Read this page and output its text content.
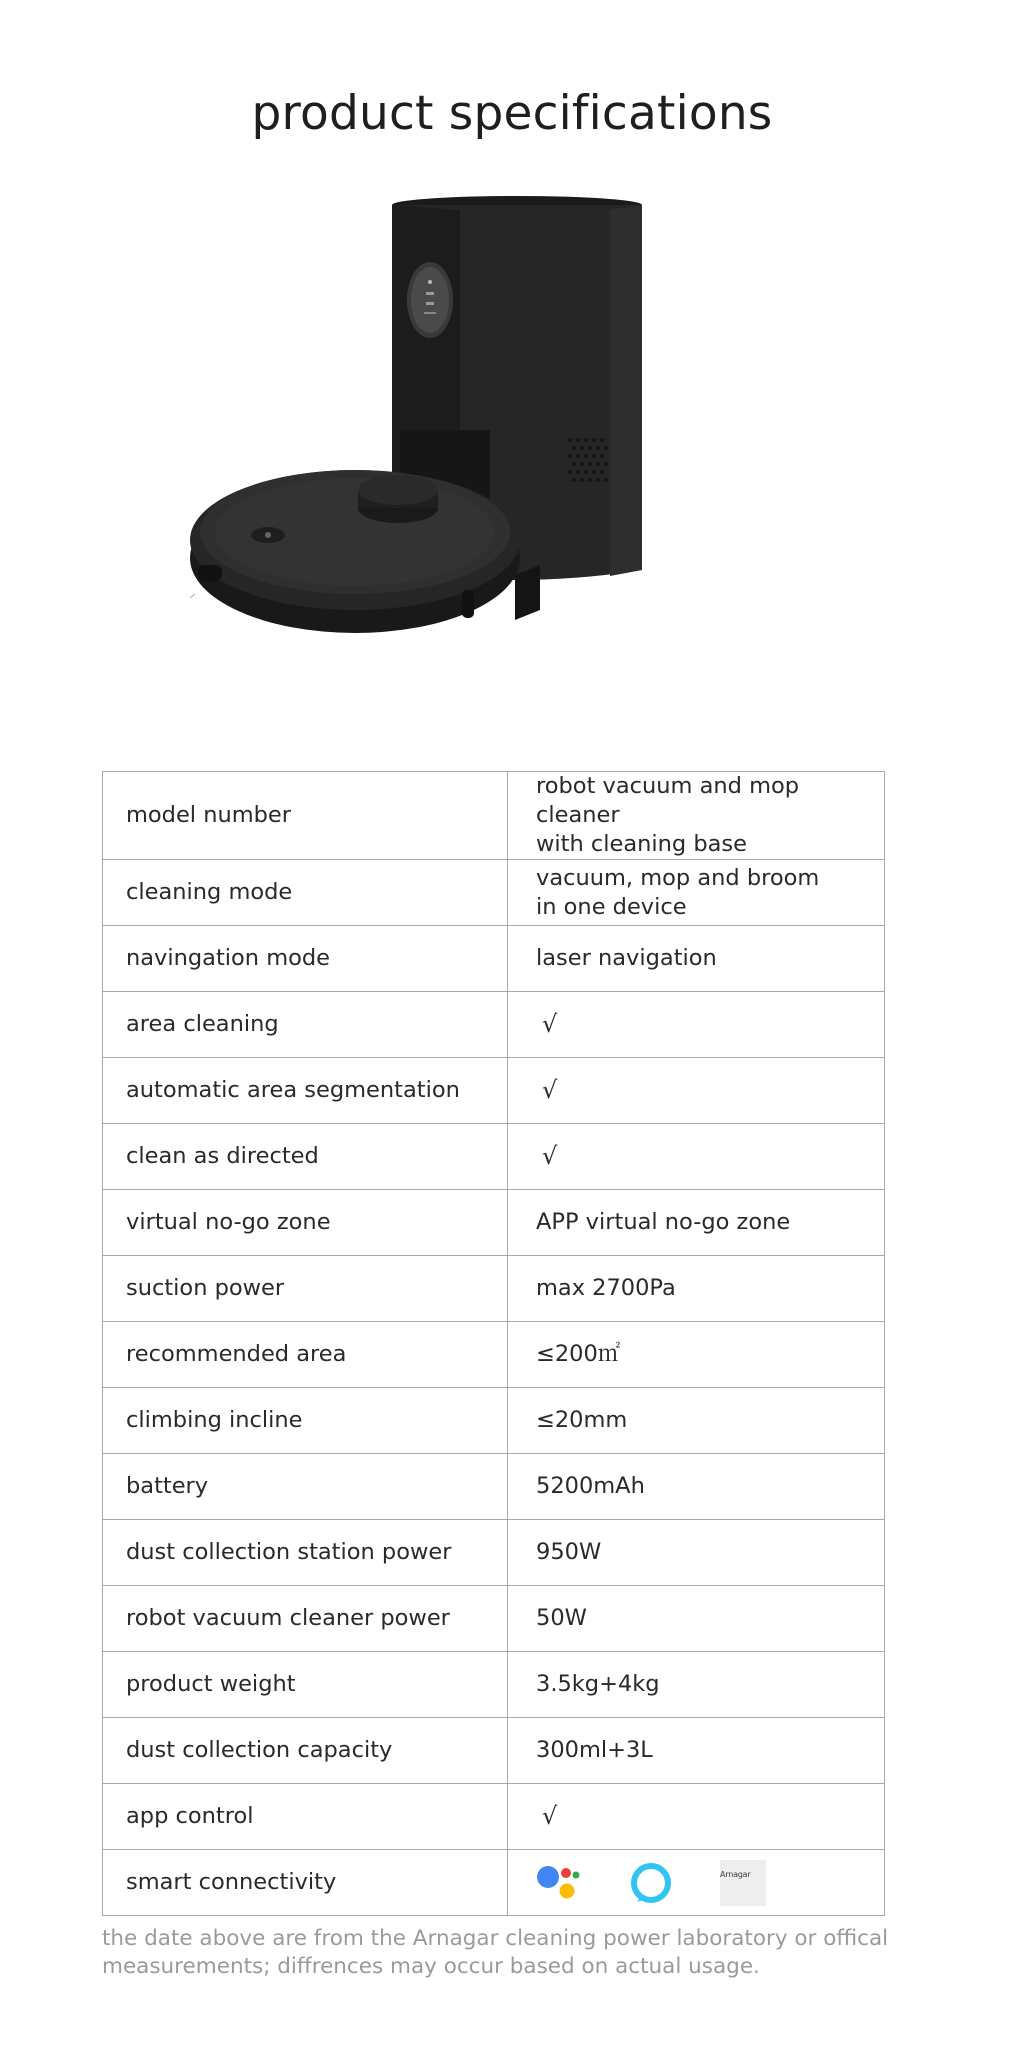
product specifications
model number	robot vacuum and mop cleaner
with cleaning base

cleaning mode	vacuum, mop and broom
in one device

navingation mode	laser navigation
area cleaning	√
automatic area segmentation	√
clean as directed	√
virtual no-go zone	APP virtual no-go zone
suction power	max 2700Pa
recommended area	≤200㎡
climbing incline	≤20mm
battery	5200mAh
dust collection station power	950W
robot vacuum cleaner power	50W
product weight	3.5kg+4kg
dust collection capacity	300ml+3L
app control	√
smart connectivity	Arnagar
the date above are from the Arnagar cleaning power laboratory or offical
measurements; diffrences may occur based on actual usage.
